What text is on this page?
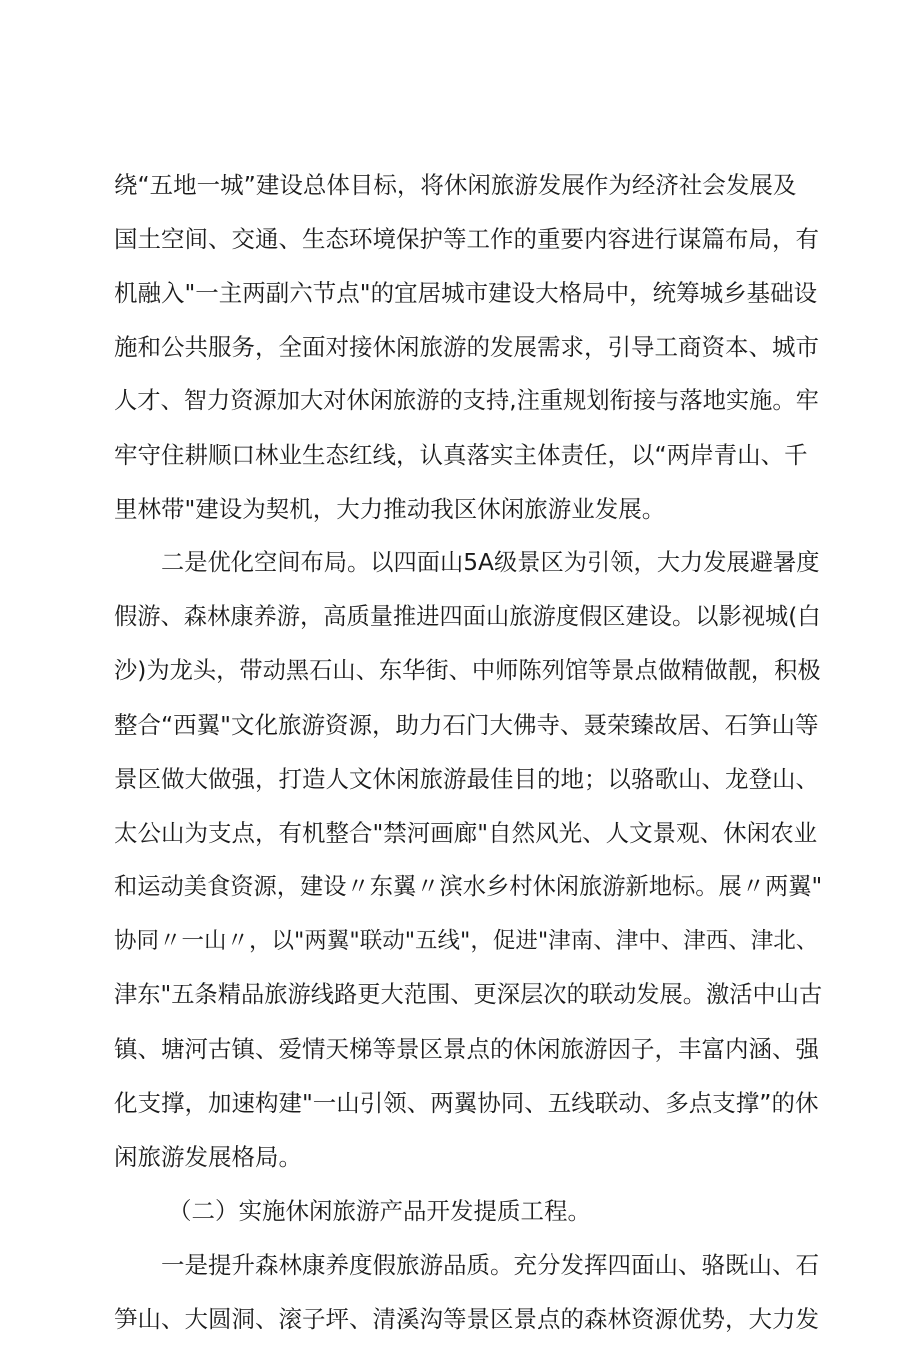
绕“五地一城”建设总体目标，将休闲旅游发展作为经济社会发展及
国土空间、交通、生态环境保护等工作的重要内容进行谋篇布局，有
机融入"一主两副六节点"的宜居城市建设大格局中，统筹城乡基础设
施和公共服务，全面对接休闲旅游的发展需求，引导工商资本、城市
人才、智力资源加大对休闲旅游的支持,注重规划衔接与落地实施。牢
牢守住耕顺口林业生态红线，认真落实主体责任，以“两岸青山、千
里林带"建设为契机，大力推动我区休闲旅游业发展。
二是优化空间布局。以四面山5A级景区为引领，大力发展避暑度
假游、森林康养游，高质量推进四面山旅游度假区建设。以影视城(白
沙)为龙头，带动黑石山、东华街、中师陈列馆等景点做精做靓，积极
整合“西翼"文化旅游资源，助力石门大佛寺、聂荣臻故居、石笋山等
景区做大做强，打造人文休闲旅游最佳目的地；以骆歌山、龙登山、
太公山为支点，有机整合"禁河画廊"自然风光、人文景观、休闲农业
和运动美食资源，建设〃东翼〃滨水乡村休闲旅游新地标。展〃两翼"
协同〃一山〃，以"两翼"联动"五线"，促进"津南、津中、津西、津北、
津东"五条精品旅游线路更大范围、更深层次的联动发展。激活中山古
镇、塘河古镇、爱情天梯等景区景点的休闲旅游因子，丰富内涵、强
化支撑，加速构建"一山引领、两翼协同、五线联动、多点支撑”的休
闲旅游发展格局。
（二）实施休闲旅游产品开发提质工程。
一是提升森林康养度假旅游品质。充分发挥四面山、骆既山、石
笋山、大圆洞、滚子坪、清溪沟等景区景点的森林资源优势，大力发
